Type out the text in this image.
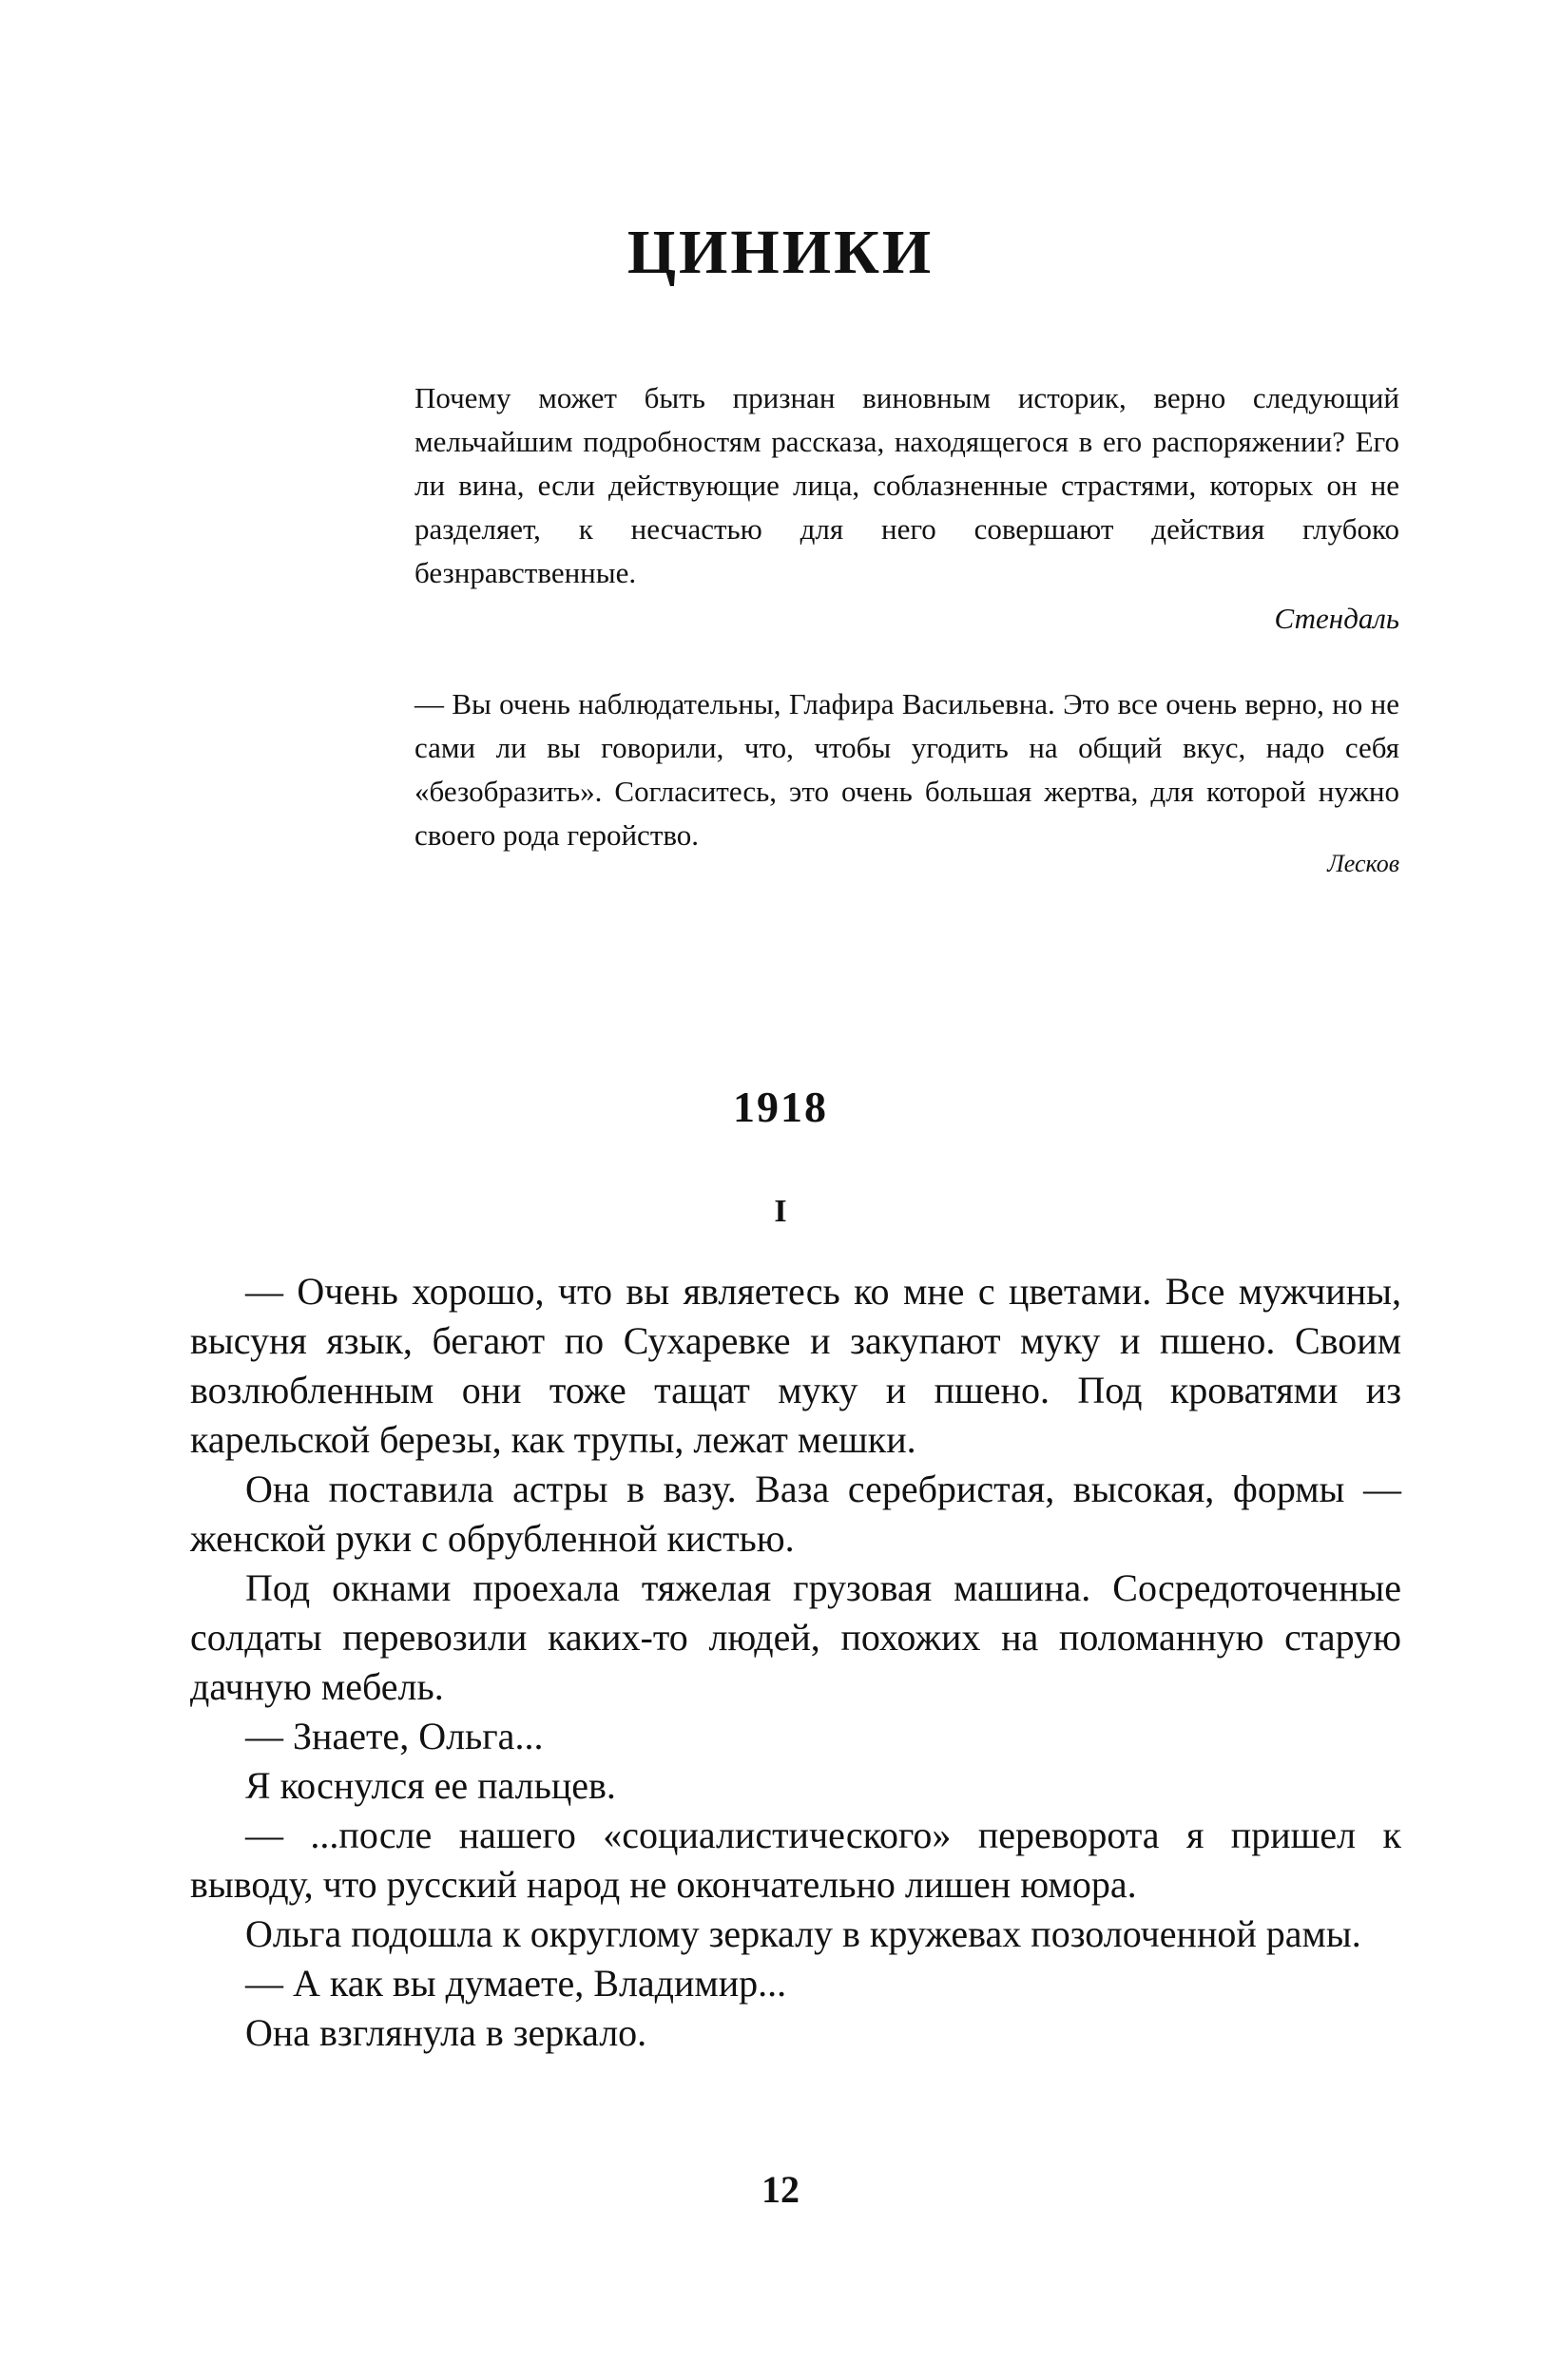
ЦИНИКИ

Почему может быть признан виновным историк, верно следующий мельчайшим подробностям рассказа, находящегося в его распоряжении? Его ли вина, если действующие лица, соблазненные страстями, которых он не разделяет, к несчастью для него совершают действия глубоко безнравственные.

Стендаль

— Вы очень наблюдательны, Глафира Васильевна. Это все очень верно, но не сами ли вы говорили, что, чтобы угодить на общий вкус, надо себя «безобразить». Согласитесь, это очень большая жертва, для которой нужно своего рода геройство.

Лесков

1918
I

— Очень хорошо, что вы являетесь ко мне с цветами. Все мужчины, высуня язык, бегают по Сухаревке и закупают муку и пшено. Своим возлюбленным они тоже тащат муку и пшено. Под кроватями из карельской березы, как трупы, лежат мешки.

Она поставила астры в вазу. Ваза серебристая, высокая, формы — женской руки с обрубленной кистью.

Под окнами проехала тяжелая грузовая машина. Сосредоточенные солдаты перевозили каких-то людей, похожих на поломанную старую дачную мебель.

— Знаете, Ольга...

Я коснулся ее пальцев.

— ...после нашего «социалистического» переворота я пришел к выводу, что русский народ не окончательно лишен юмора.

Ольга подошла к округлому зеркалу в кружевах позолоченной рамы.

— А как вы думаете, Владимир...

Она взглянула в зеркало.

12
